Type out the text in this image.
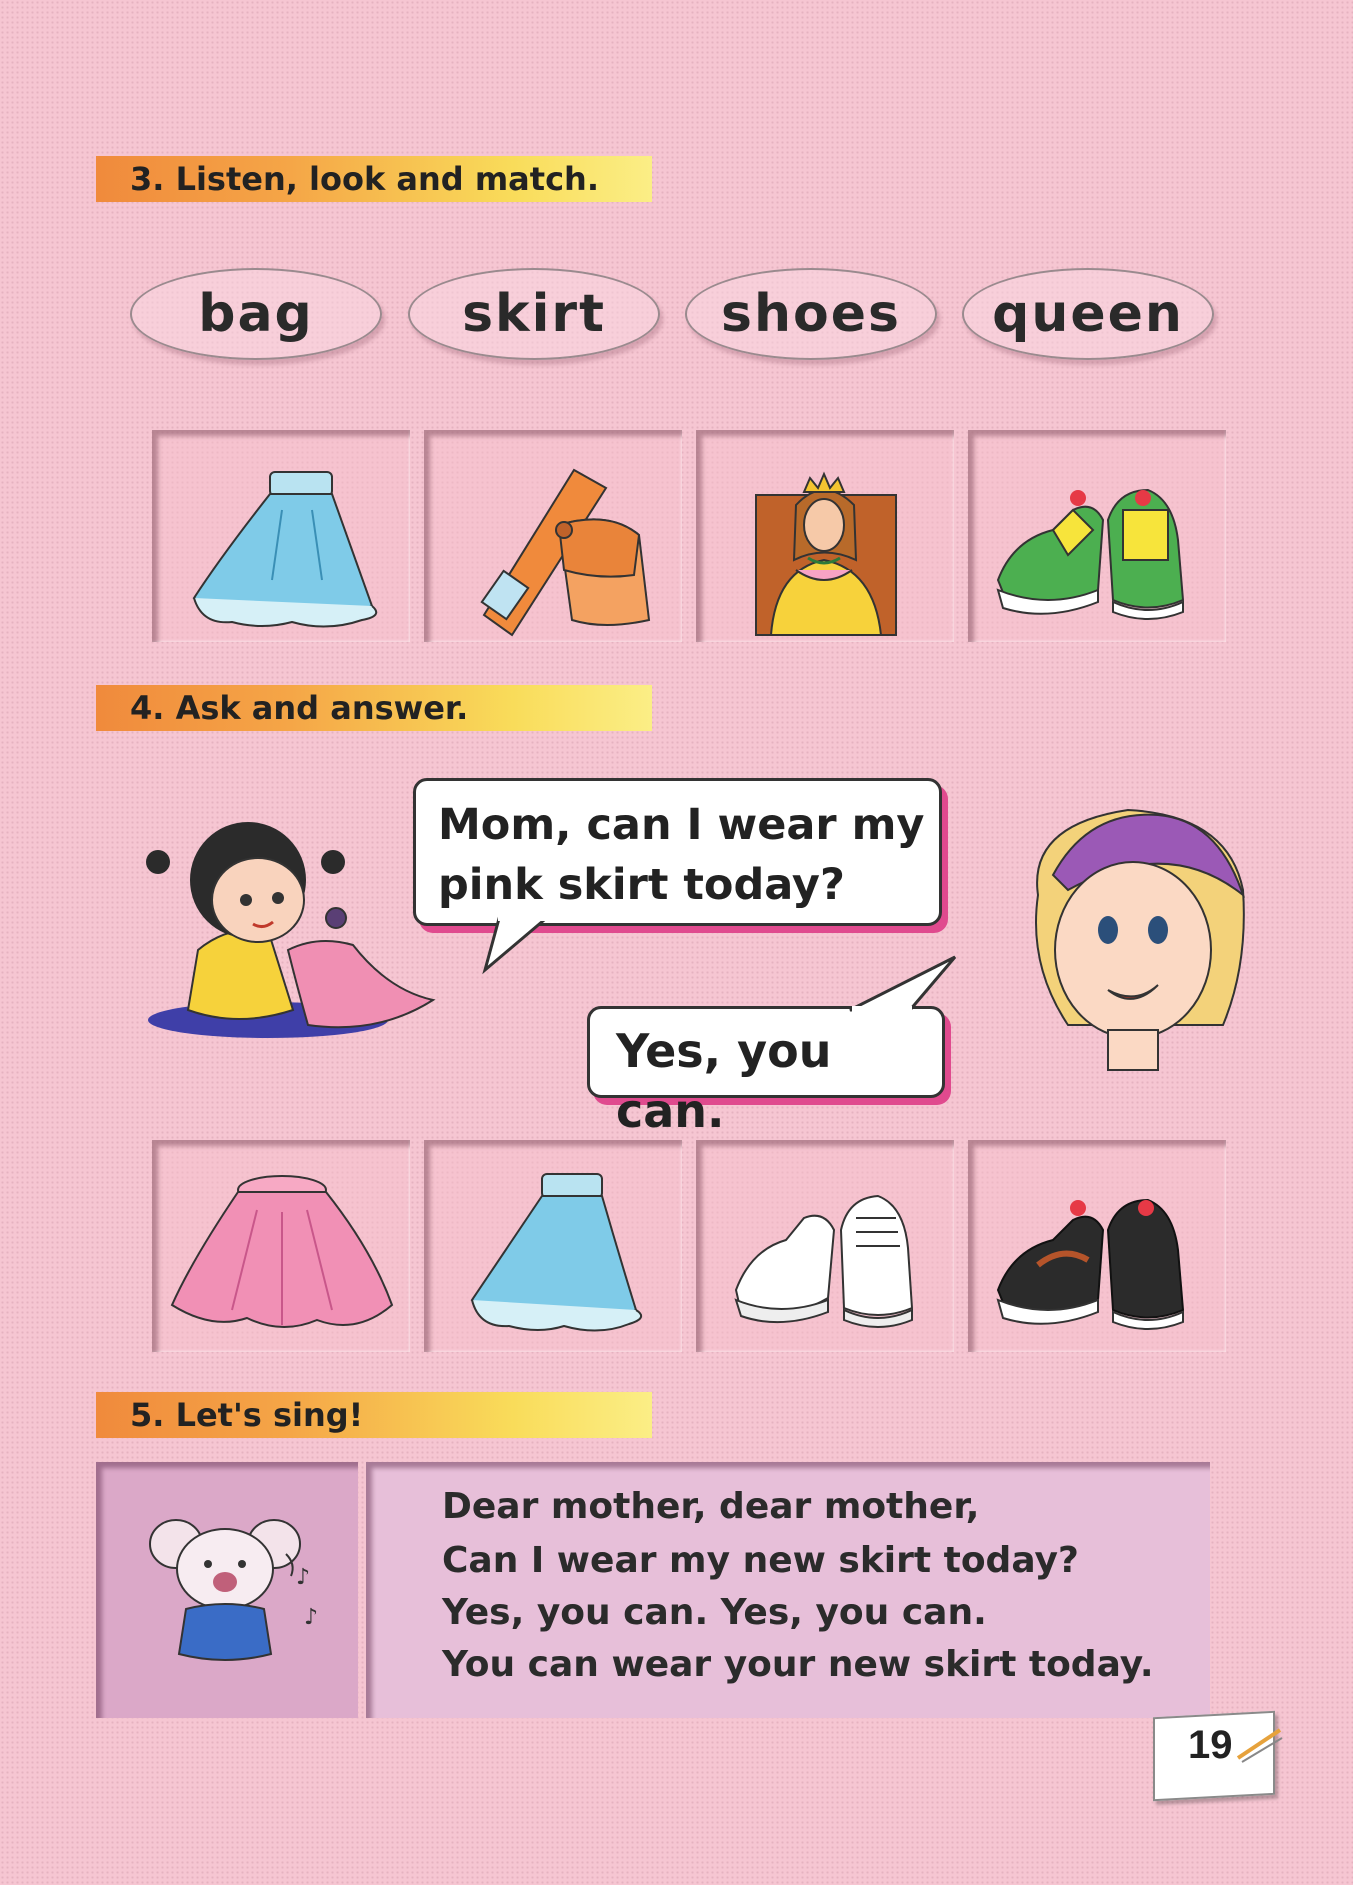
3. Listen, look and match.
bag	skirt	shoes	queen
4. Ask and answer.
Mom, can I wear my
pink skirt today?
Yes, you can.
5. Let's sing!
♪
♪
Dear mother, dear mother,
Can I wear my new skirt today?
Yes, you can. Yes, you can.
You can wear your new skirt today.
19
